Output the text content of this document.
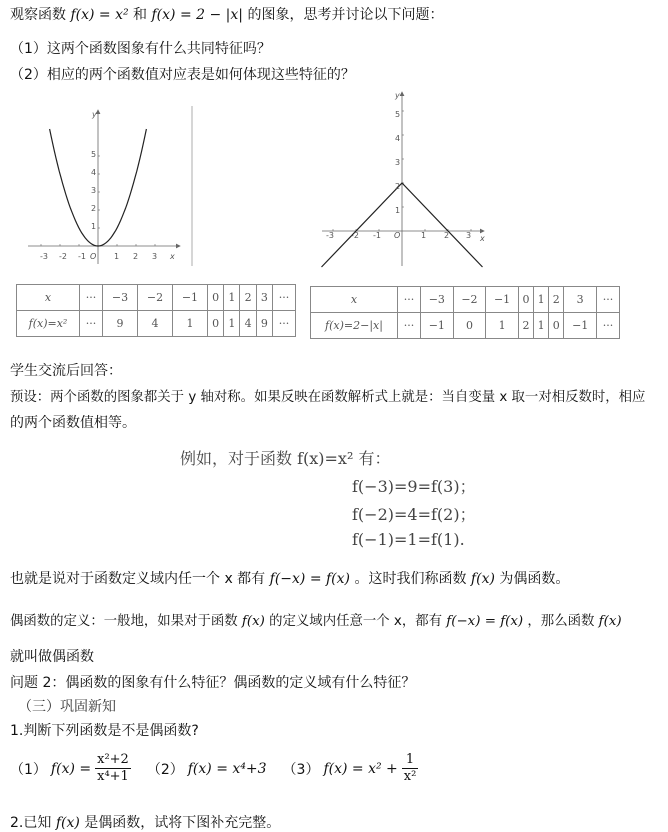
观察函数 f(x) = x² 和 f(x) = 2 − |x| 的图象，思考并讨论以下问题：
（1）这两个函数图象有什么共同特征吗？
（2）相应的两个函数值对应表是如何体现这些特征的？
-3 -2 -1 O 1 2 3 x
1
2
3
4
5
y
-3 -2 -1 O	1 2 3 x
1
2
3
4
5
y
x	···	−3	−2	−1	0	1	2	3	···
f(x)=x²	···	9	4	1	0	1	4	9	···
x	···	−3	−2	−1	0	1	2	3	···
f(x)=2−|x|	···	−1	0	1	2	1	0	−1	···
学生交流后回答：
预设：两个函数的图象都关于 y 轴对称。如果反映在函数解析式上就是：当自变量 x 取一对相反数时，相应
的两个函数值相等。
例如，对于函数 f(x)=x² 有：
f(−3)=9=f(3)；
f(−2)=4=f(2)；
f(−1)=1=f(1).
也就是说对于函数定义域内任一个 x 都有 f(−x) = f(x) 。这时我们称函数 f(x) 为偶函数。
偶函数的定义：一般地，如果对于函数 f(x) 的定义域内任意一个 x，都有 f(−x) = f(x) ，那么函数 f(x)
就叫做偶函数
问题 2：偶函数的图象有什么特征？偶函数的定义域有什么特征？
（三）巩固新知
1.判断下列函数是不是偶函数?
（1） $f(x) = \frac{\text{x²+2}}{\text{x⁴+1}} (2) f(x) = x^4+3$ （3） $f(x) = x^2 + \frac{1}{\text{x²}}$
2.已知 f(x) 是偶函数，试将下图补充完整。
